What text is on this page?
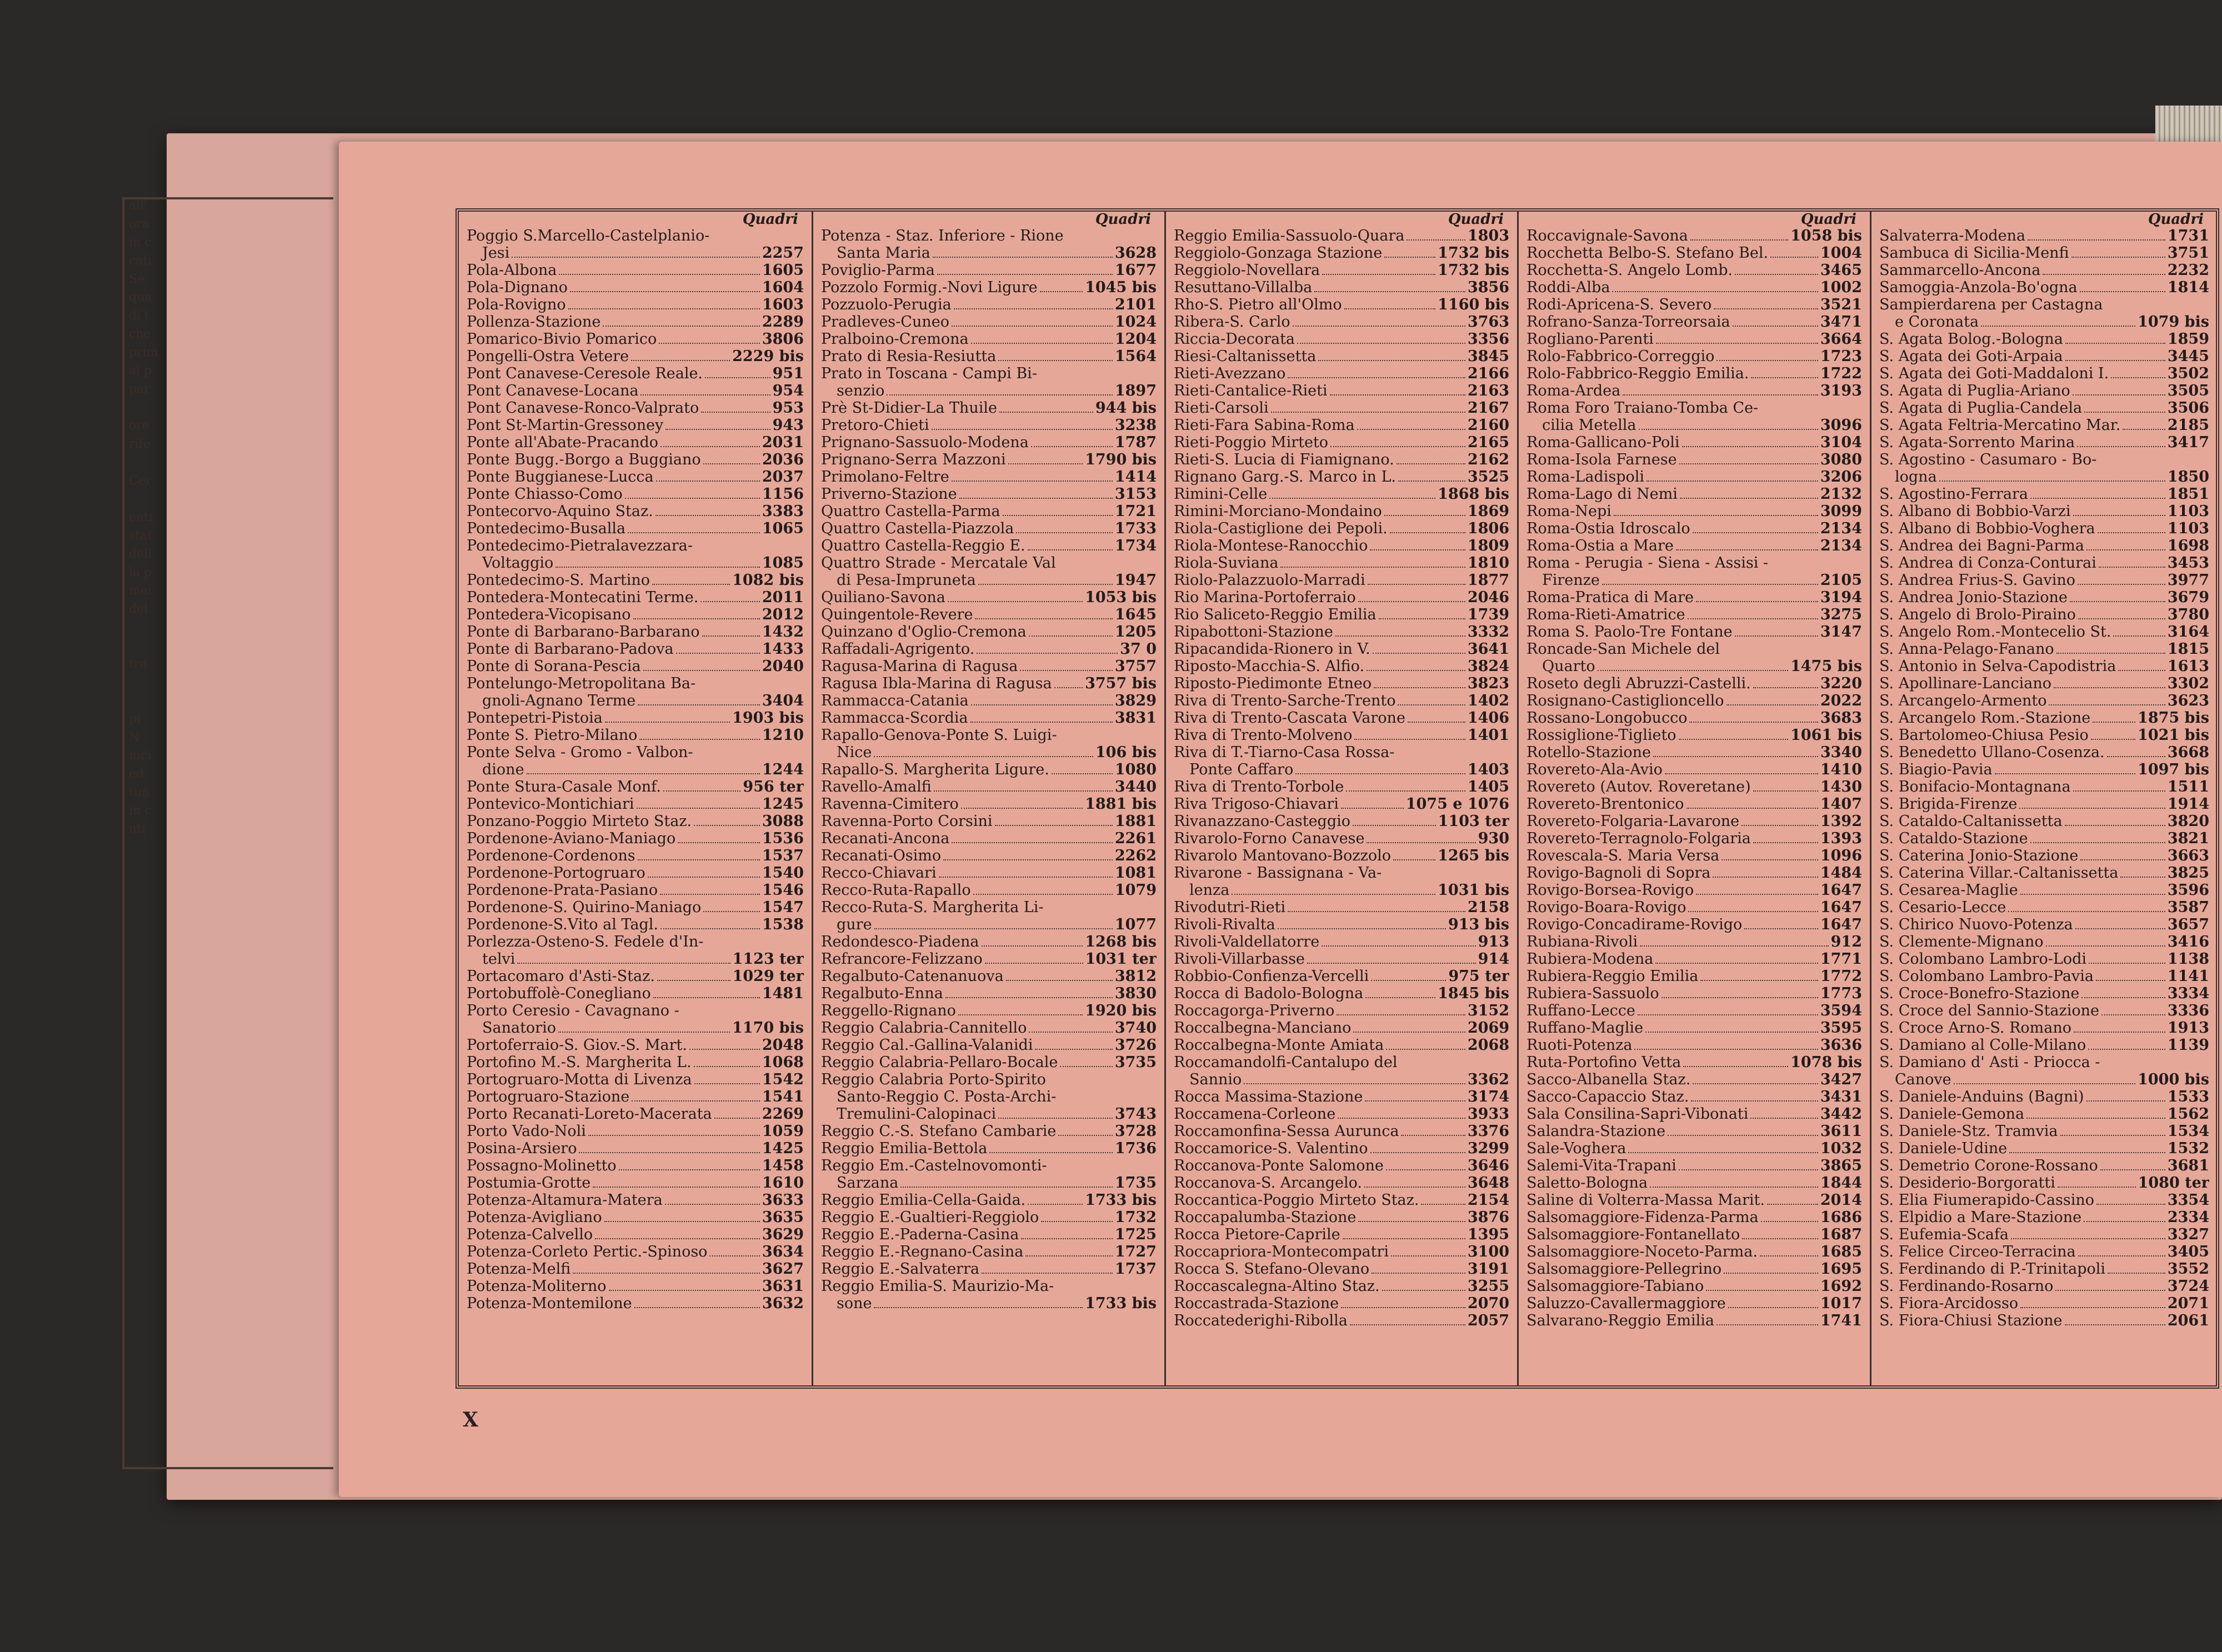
all'
ora
in c
cati
Se
qua
di t
che
prim
al p
par
ore
rife
Cer
enti
stat
dell
la p
mei
del
tre
pi
N
nici
ed
tim
in c
uti
Quadri
Poggio S.Marcello-Castelplanio-
Jesi	2257
Pola-Albona	1605
Pola-Dignano	1604
Pola-Rovigno	1603
Pollenza-Stazione	2289
Pomarico-Bivio Pomarico	3806
Pongelli-Ostra Vetere	2229 bis
Pont Canavese-Ceresole Reale.	951
Pont Canavese-Locana	954
Pont Canavese-Ronco-Valprato	953
Pont St-Martin-Gressoney	943
Ponte all'Abate-Pracando	2031
Ponte Bugg.-Borgo a Buggiano	2036
Ponte Buggianese-Lucca	2037
Ponte Chiasso-Como	1156
Pontecorvo-Aquino Staz.	3383
Pontedecimo-Busalla	1065
Pontedecimo-Pietralavezzara-
Voltaggio	1085
Pontedecimo-S. Martino	1082 bis
Pontedera-Montecatini Terme.	2011
Pontedera-Vicopisano	2012
Ponte di Barbarano-Barbarano	1432
Ponte di Barbarano-Padova	1433
Ponte di Sorana-Pescia	2040
Pontelungo-Metropolitana Ba-
gnoli-Agnano Terme	3404
Pontepetri-Pistoia	1903 bis
Ponte S. Pietro-Milano	1210
Ponte Selva - Gromo - Valbon-
dione	1244
Ponte Stura-Casale Monf.	956 ter
Pontevico-Montichiari	1245
Ponzano-Poggio Mirteto Staz.	3088
Pordenone-Aviano-Maniago	1536
Pordenone-Cordenons	1537
Pordenone-Portogruaro	1540
Pordenone-Prata-Pasiano	1546
Pordenone-S. Quirino-Maniago	1547
Pordenone-S.Vito al Tagl.	1538
Porlezza-Osteno-S. Fedele d'In-
telvi	1123 ter
Portacomaro d'Asti-Staz.	1029 ter
Portobuffolè-Conegliano	1481
Porto Ceresio - Cavagnano -
Sanatorio	1170 bis
Portoferraio-S. Giov.-S. Mart.	2048
Portofino M.-S. Margherita L.	1068
Portogruaro-Motta di Livenza	1542
Portogruaro-Stazione	1541
Porto Recanati-Loreto-Macerata	2269
Porto Vado-Noli	1059
Posina-Arsiero	1425
Possagno-Molinetto	1458
Postumia-Grotte	1610
Potenza-Altamura-Matera	3633
Potenza-Avigliano	3635
Potenza-Calvello	3629
Potenza-Corleto Pertic.-Spinoso	3634
Potenza-Melfi	3627
Potenza-Moliterno	3631
Potenza-Montemilone	3632
Quadri
Potenza - Staz. Inferiore - Rione
Santa Maria	3628
Poviglio-Parma	1677
Pozzolo Formig.-Novi Ligure	1045 bis
Pozzuolo-Perugia	2101
Pradleves-Cuneo	1024
Pralboino-Cremona	1204
Prato di Resia-Resiutta	1564
Prato in Toscana - Campi Bi-
senzio	1897
Prè St-Didier-La Thuile	944 bis
Pretoro-Chieti	3238
Prignano-Sassuolo-Modena	1787
Prignano-Serra Mazzoni	1790 bis
Primolano-Feltre	1414
Priverno-Stazione	3153
Quattro Castella-Parma	1721
Quattro Castella-Piazzola	1733
Quattro Castella-Reggio E.	1734
Quattro Strade - Mercatale Val
di Pesa-Impruneta	1947
Quiliano-Savona	1053 bis
Quingentole-Revere	1645
Quinzano d'Oglio-Cremona	1205
Raffadali-Agrigento.	37 0
Ragusa-Marina di Ragusa	3757
Ragusa Ibla-Marina di Ragusa 3757 bis
Rammacca-Catania	3829
Rammacca-Scordia	3831
Rapallo-Genova-Ponte S. Luigi-
Nice	106 bis
Rapallo-S. Margherita Ligure.	1080
Ravello-Amalfi	3440
Ravenna-Cimitero	1881 bis
Ravenna-Porto Corsini	1881
Recanati-Ancona	2261
Recanati-Osimo	2262
Recco-Chiavari	1081
Recco-Ruta-Rapallo	1079
Recco-Ruta-S. Margherita Li-
gure	1077
Redondesco-Piadena	1268 bis
Refrancore-Felizzano	1031 ter
Regalbuto-Catenanuova	3812
Regalbuto-Enna	3830
Reggello-Rignano	1920 bis
Reggio Calabria-Cannitello	3740
Reggio Cal.-Gallina-Valanidi	3726
Reggio Calabria-Pellaro-Bocale	3735
Reggio Calabria Porto-Spirito
Santo-Reggio C. Posta-Archi-
Tremulini-Calopinaci	3743
Reggio C.-S. Stefano Cambarie	3728
Reggio Emilia-Bettola	1736
Reggio Em.-Castelnovomonti-
Sarzana	1735
Reggio Emilia-Cella-Gaida.	1733 bis
Reggio E.-Gualtieri-Reggiolo	1732
Reggio E.-Paderna-Casina	1725
Reggio E.-Regnano-Casina	1727
Reggio E.-Salvaterra	1737
Reggio Emilia-S. Maurizio-Ma-
sone	1733 bis
Quadri
Reggio Emilia-Sassuolo-Quara	1803
Reggiolo-Gonzaga Stazione	1732 bis
Reggiolo-Novellara	1732 bis
Resuttano-Villalba	3856
Rho-S. Pietro all'Olmo	1160 bis
Ribera-S. Carlo	3763
Riccia-Decorata	3356
Riesi-Caltanissetta	3845
Rieti-Avezzano	2166
Rieti-Cantalice-Rieti	2163
Rieti-Carsoli	2167
Rieti-Fara Sabina-Roma	2160
Rieti-Poggio Mirteto	2165
Rieti-S. Lucia di Fiamignano.	2162
Rignano Garg.-S. Marco in L.	3525
Rimini-Celle	1868 bis
Rimini-Morciano-Mondaino	1869
Riola-Castiglione dei Pepoli.	1806
Riola-Montese-Ranocchio	1809
Riola-Suviana	1810
Riolo-Palazzuolo-Marradi	1877
Rio Marina-Portoferraio	2046
Rio Saliceto-Reggio Emilia	1739
Ripabottoni-Stazione	3332
Ripacandida-Rionero in V.	3641
Riposto-Macchia-S. Alfio.	3824
Riposto-Piedimonte Etneo	3823
Riva di Trento-Sarche-Trento	1402
Riva di Trento-Cascata Varone	1406
Riva di Trento-Molveno	1401
Riva di T.-Tiarno-Casa Rossa-
Ponte Caffaro	1403
Riva di Trento-Torbole	1405
Riva Trigoso-Chiavari	1075 e 1076
Rivanazzano-Casteggio	1103 ter
Rivarolo-Forno Canavese	930
Rivarolo Mantovano-Bozzolo	1265 bis
Rivarone - Bassignana - Va-
lenza	1031 bis
Rivodutri-Rieti	2158
Rivoli-Rivalta	913 bis
Rivoli-Valdellatorre	913
Rivoli-Villarbasse	914
Robbio-Confienza-Vercelli	975 ter
Rocca di Badolo-Bologna	1845 bis
Roccagorga-Priverno	3152
Roccalbegna-Manciano	2069
Roccalbegna-Monte Amiata	2068
Roccamandolfi-Cantalupo del
Sannio	3362
Rocca Massima-Stazione	3174
Roccamena-Corleone	3933
Roccamonfina-Sessa Aurunca	3376
Roccamorice-S. Valentino	3299
Roccanova-Ponte Salomone	3646
Roccanova-S. Arcangelo.	3648
Roccantica-Poggio Mirteto Staz.	2154
Roccapalumba-Stazione	3876
Rocca Pietore-Caprile	1395
Roccapriora-Montecompatri	3100
Rocca S. Stefano-Olevano	3191
Roccascalegna-Altino Staz.	3255
Roccastrada-Stazione	2070
Roccatederighi-Ribolla	2057
Quadri
Roccavignale-Savona	1058 bis
Rocchetta Belbo-S. Stefano Bel.	1004
Rocchetta-S. Angelo Lomb.	3465
Roddi-Alba	1002
Rodi-Apricena-S. Severo	3521
Rofrano-Sanza-Torreorsaia	3471
Rogliano-Parenti	3664
Rolo-Fabbrico-Correggio	1723
Rolo-Fabbrico-Reggio Emilia.	1722
Roma-Ardea	3193
Roma Foro Traiano-Tomba Ce-
cilia Metella	3096
Roma-Gallicano-Poli	3104
Roma-Isola Farnese	3080
Roma-Ladispoli	3206
Roma-Lago di Nemi	2132
Roma-Nepi	3099
Roma-Ostia Idroscalo	2134
Roma-Ostia a Mare	2134
Roma - Perugia - Siena - Assisi -
Firenze	2105
Roma-Pratica di Mare	3194
Roma-Rieti-Amatrice	3275
Roma S. Paolo-Tre Fontane	3147
Roncade-San Michele del
Quarto	1475 bis
Roseto degli Abruzzi-Castelli.	3220
Rosignano-Castiglioncello	2022
Rossano-Longobucco	3683
Rossiglione-Tiglieto	1061 bis
Rotello-Stazione	3340
Rovereto-Ala-Avio	1410
Rovereto (Autov. Roveretane)	1430
Rovereto-Brentonico	1407
Rovereto-Folgaria-Lavarone	1392
Rovereto-Terragnolo-Folgaria	1393
Rovescala-S. Maria Versa	1096
Rovigo-Bagnoli di Sopra	1484
Rovigo-Borsea-Rovigo	1647
Rovigo-Boara-Rovigo	1647
Rovigo-Concadirame-Rovigo	1647
Rubiana-Rivoli	912
Rubiera-Modena	1771
Rubiera-Reggio Emilia	1772
Rubiera-Sassuolo	1773
Ruffano-Lecce	3594
Ruffano-Maglie	3595
Ruoti-Potenza	3636
Ruta-Portofino Vetta	1078 bis
Sacco-Albanella Staz.	3427
Sacco-Capaccio Staz.	3431
Sala Consilina-Sapri-Vibonati	3442
Salandra-Stazione	3611
Sale-Voghera	1032
Salemi-Vita-Trapani	3865
Saletto-Bologna	1844
Saline di Volterra-Massa Marit.	2014
Salsomaggiore-Fidenza-Parma	1686
Salsomaggiore-Fontanellato	1687
Salsomaggiore-Noceto-Parma.	1685
Salsomaggiore-Pellegrino	1695
Salsomaggiore-Tabiano	1692
Saluzzo-Cavallermaggiore	1017
Salvarano-Reggio Emilia	1741
Quadri
Salvaterra-Modena	1731
Sambuca di Sicilia-Menfi	3751
Sammarcello-Ancona	2232
Samoggia-Anzola-Bo'ogna	1814
Sampierdarena per Castagna
e Coronata	1079 bis
S. Agata Bolog.-Bologna	1859
S. Agata dei Goti-Arpaia	3445
S. Agata dei Goti-Maddaloni I.	3502
S. Agata di Puglia-Ariano	3505
S. Agata di Puglia-Candela	3506
S. Agata Feltria-Mercatino Mar.	2185
S. Agata-Sorrento Marina	3417
S. Agostino - Casumaro - Bo-
logna	1850
S. Agostino-Ferrara	1851
S. Albano di Bobbio-Varzi	1103
S. Albano di Bobbio-Voghera	1103
S. Andrea dei Bagni-Parma	1698
S. Andrea di Conza-Conturai	3453
S. Andrea Frius-S. Gavino	3977
S. Andrea Jonio-Stazione	3679
S. Angelo di Brolo-Piraino	3780
S. Angelo Rom.-Montecelio St.	3164
S. Anna-Pelago-Fanano	1815
S. Antonio in Selva-Capodistria	1613
S. Apollinare-Lanciano	3302
S. Arcangelo-Armento	3623
S. Arcangelo Rom.-Stazione	1875 bis
S. Bartolomeo-Chiusa Pesio	1021 bis
S. Benedetto Ullano-Cosenza.	3668
S. Biagio-Pavia	1097 bis
S. Bonifacio-Montagnana	1511
S. Brigida-Firenze	1914
S. Cataldo-Caltanissetta	3820
S. Cataldo-Stazione	3821
S. Caterina Jonio-Stazione	3663
S. Caterina Villar.-Caltanissetta	3825
S. Cesarea-Maglie	3596
S. Cesario-Lecce	3587
S. Chirico Nuovo-Potenza	3657
S. Clemente-Mignano	3416
S. Colombano Lambro-Lodi	1138
S. Colombano Lambro-Pavia	1141
S. Croce-Bonefro-Stazione	3334
S. Croce del Sannio-Stazione	3336
S. Croce Arno-S. Romano	1913
S. Damiano al Colle-Milano	1139
S. Damiano d' Asti - Priocca -
Canove	1000 bis
S. Daniele-Anduins (Bagni)	1533
S. Daniele-Gemona	1562
S. Daniele-Stz. Tramvia	1534
S. Daniele-Udine	1532
S. Demetrio Corone-Rossano	3681
S. Desiderio-Borgoratti	1080 ter
S. Elia Fiumerapido-Cassino	3354
S. Elpidio a Mare-Stazione	2334
S. Eufemia-Scafa	3327
S. Felice Circeo-Terracina	3405
S. Ferdinando di P.-Trinitapoli	3552
S. Ferdinando-Rosarno	3724
S. Fiora-Arcidosso	2071
S. Fiora-Chiusi Stazione	2061
X
